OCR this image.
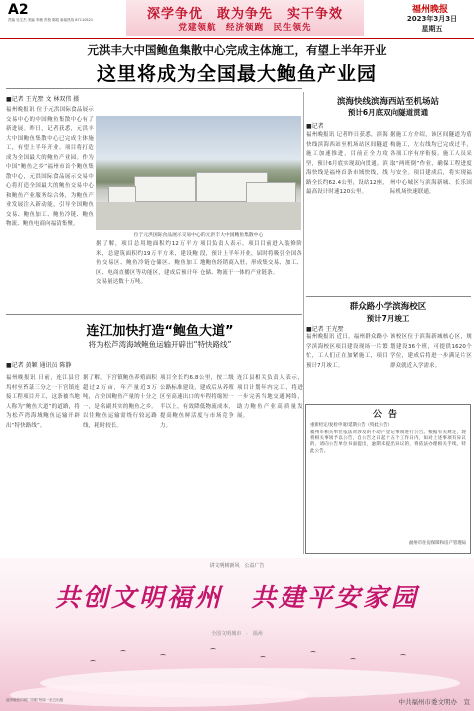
A2
责编 吴生杰 美编 李薇 责校 陈昭 新闻热线 87110521	深学争优　敢为争先　实干争效
党建领航　经济领跑　民生领先
福州晚报
2023年3月3日
星期五
元洪丰大中国鲍鱼集散中心完成主体施工，有望上半年开业
这里将成为全国最大鲍鱼产业园
■记者 王光墅 文 林双伟 摄
福州晚报讯 位于元洪国际食品展示交易中心的中国鲍鱼集散中心有了新进展。昨日，记者获悉，元洪丰大中国鲍鱼集散中心已完成主体施工，有望上半年开业。项目将打造成为全国最大的鲍鱼产业园。作为中国“鲍鱼之乡”福州市首个鲍鱼集散中心，元洪国际食品展示交易中心将打造全国最大的鲍鱼交易中心和鲍鱼产业服务综合体，为鲍鱼产业发展注入新动能，引导全国鲍鱼交易、鲍鱼加工、鲍鱼冷链、鲍鱼物流、鲍鱼电商向福清集聚。
位于元洪国际食品展示交易中心的元洪丰大中国鲍鱼集散中心
据了解，项目总用地面积约12万平方米，总建筑面积约19万平方米，建设鲍鱼交易区、鲍鱼冷链仓储区、鲍鱼加工区、电商直播区等功能区，建成后预计年交易量达数十万吨。
项目负责人表示，项目目前进入装修阶段，预计上半年开业，届时将吸引全国各地鲍鱼经销商入驻，形成集交易、加工、仓储、物流于一体的产业链条。
滨海快线滨海西站至机场站
预计6月底双向隧道贯通
■记者
福州晚报讯 记者昨日获悉，滨海快线滨海西站至机场站区间隧道施工加速推进，目前正全力攻坚，预计6月底实现双向贯通。滨海快线是福州首条市域快线，线路全长约62.4公里，设站12座，最高设计时速120公里。
据施工方介绍，该区间隧道为盾构施工，左右线均已完成过半，各项工序有序衔接。施工人员采取“两班倒”作业，确保工程进度与安全。项目建成后，将实现福州中心城区与滨海新城、长乐国际机场快速联通。
群众路小学滨海校区
预计7月竣工
■记者 王光墅
福州晚报讯 近日，福州群众路小学滨海校区项目建设现场一片繁忙，工人们正在加紧施工，项目预计7月竣工。
该校区位于滨海新城核心区，规划建设36个班，可提供1620个学位，建成后将进一步满足片区群众就近入学需求。
连江加快打造“鲍鱼大道”
将为松芦湾海域鲍鱼运输开辟出“特快路线”
■记者 黄颖 通讯员 陈静
福州晚报讯 日前，连江县官坞村至苔菉三分之一下宫镇连接工程项目开工，这条被当地人称为“鲍鱼大道”的道路，将为松芦湾海域鲍鱼运输开辟出“特快路线”。
据了解，下宫镇鲍鱼养殖面积超过2万亩，年产量近3万吨，占全国鲍鱼产量的十分之一，是名副其实的鲍鱼之乡。以往鲍鱼运输需绕行较远路线，耗时较长。
项目全长约6.8公里，按二级公路标准建设，建成后从养殖区至高速出口的车程将缩短一半以上，有效降低物流成本，提高鲍鱼鲜活度与市场竞争力。
连江县相关负责人表示，项目计划年内完工，将进一步完善当地交通网络，助力鲍鱼产业高质量发展。	公告
重新检定/复检申请/延期公告（特此公告）
福州市相关单位依法对涉及的不动产登记事项进行公告。根据有关规定，现将相关事项予以公告，自公告之日起十五个工作日内，如对上述事项有异议的，请向公告单位书面提出，逾期未提出异议的，将依法办理相关手续。特此公告。
福州市住房保障和房产管理局
讲文明树新风　公益广告
共创文明福州　共建平安家园
全国文明城市　·　福州
中共福州市委文明办　宣
福州晚报印刷厂印刷 每周一至五出版
